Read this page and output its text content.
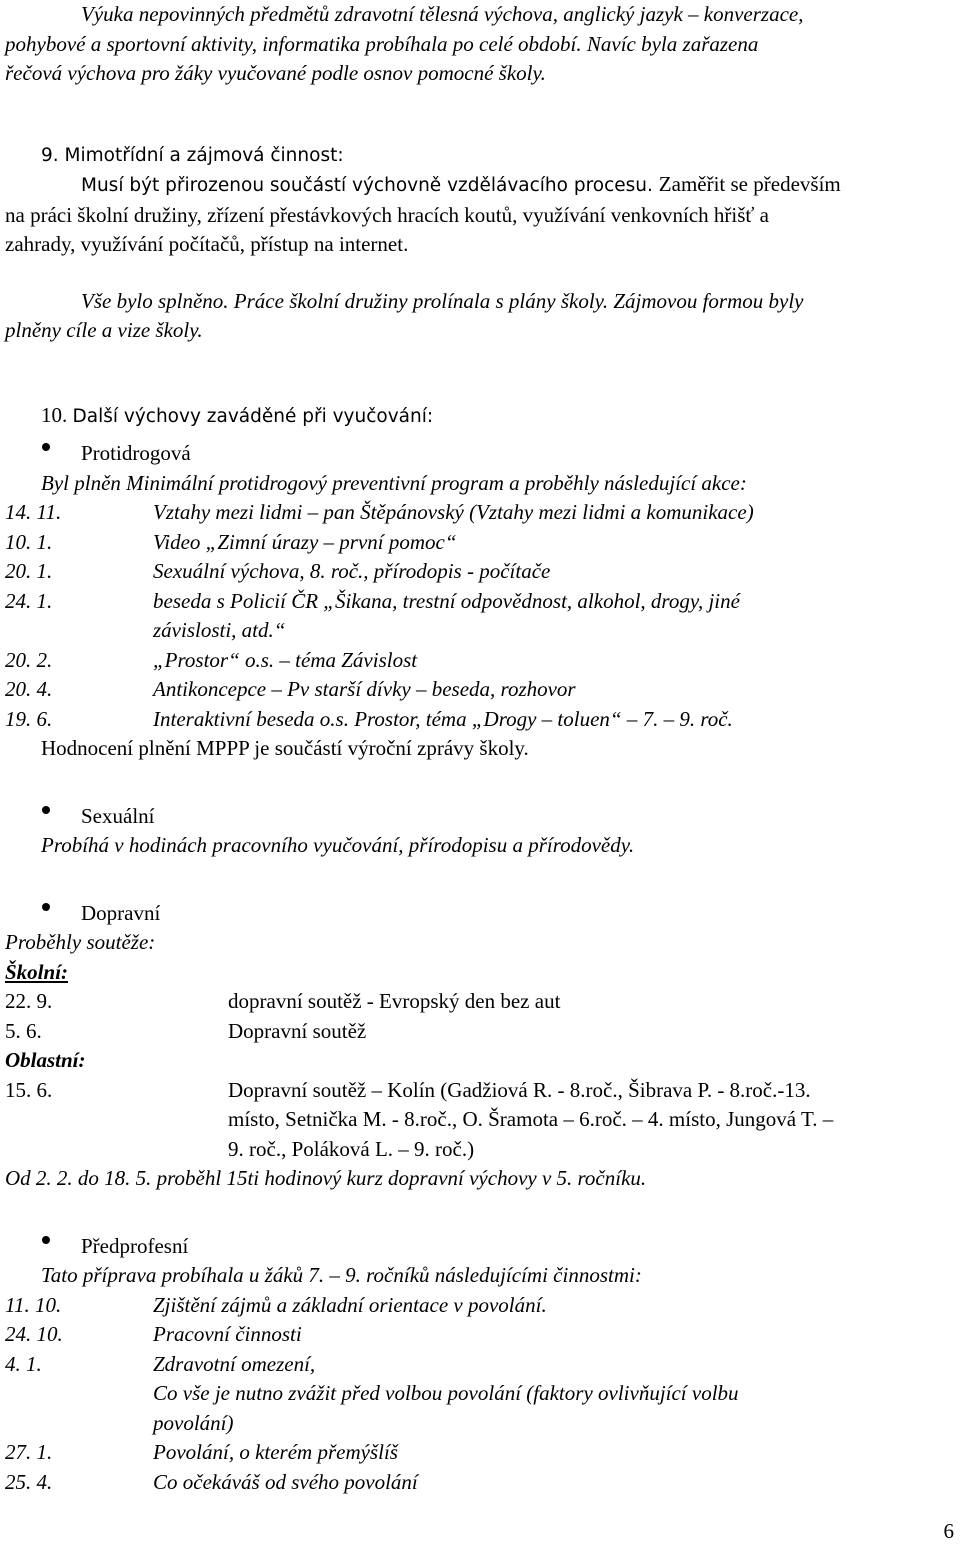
Výuka nepovinných předmětů zdravotní tělesná výchova, anglický jazyk – konverzace,

pohybové a sportovní aktivity, informatika probíhala po celé období. Navíc byla zařazena

řečová výchova pro žáky vyučované podle osnov pomocné školy.

9. Mimotřídní a zájmová činnost:

Musí být přirozenou součástí výchovně vzdělávacího procesu. Zaměřit se především

na práci školní družiny, zřízení přestávkových hracích koutů, využívání venkovních hřišť a

zahrady, využívání počítačů, přístup na internet.

Vše bylo splněno. Práce školní družiny prolínala s plány školy. Zájmovou formou byly

plněny cíle a vize školy.

10. Další výchovy zaváděné při vyučování:

Protidrogová

Byl plněn Minimální protidrogový preventivní program a proběhly následující akce:

14. 11.	Vztahy mezi lidmi – pan Štěpánovský (Vztahy mezi lidmi a komunikace)
10. 1.	Video „Zimní úrazy – první pomoc“
20. 1.	Sexuální výchova, 8. roč., přírodopis - počítače
24. 1.	beseda s Policií ČR „Šikana, trestní odpovědnost, alkohol, drogy, jiné
závislosti, atd.“
20. 2.	„Prostor“ o.s. – téma Závislost
20. 4.	Antikoncepce – Pv starší dívky – beseda, rozhovor
19. 6.	Interaktivní beseda o.s. Prostor, téma „Drogy – toluen“ – 7. – 9. roč.

Hodnocení plnění MPPP je součástí výroční zprávy školy.

Sexuální

Probíhá v hodinách pracovního vyučování, přírodopisu a přírodovědy.

Dopravní

Proběhly soutěže:

Školní:

22. 9.	dopravní soutěž - Evropský den bez aut
5. 6.	Dopravní soutěž

Oblastní:

15. 6.	Dopravní soutěž – Kolín (Gadžiová R. - 8.roč., Šibrava P. - 8.roč.-13.
místo, Setnička M. - 8.roč., O. Šramota – 6.roč. – 4. místo, Jungová T. –
9. roč., Poláková L. – 9. roč.)

Od 2. 2. do 18. 5. proběhl 15ti hodinový kurz dopravní výchovy v 5. ročníku.

Předprofesní

Tato příprava probíhala u žáků 7. – 9. ročníků následujícími činnostmi:

11. 10.	Zjištění zájmů a základní orientace v povolání.
24. 10.	Pracovní činnosti
4. 1.	Zdravotní omezení,
Co vše je nutno zvážit před volbou povolání (faktory ovlivňující volbu
povolání)
27. 1.	Povolání, o kterém přemýšlíš
25. 4.	Co očekáváš od svého povolání
6
